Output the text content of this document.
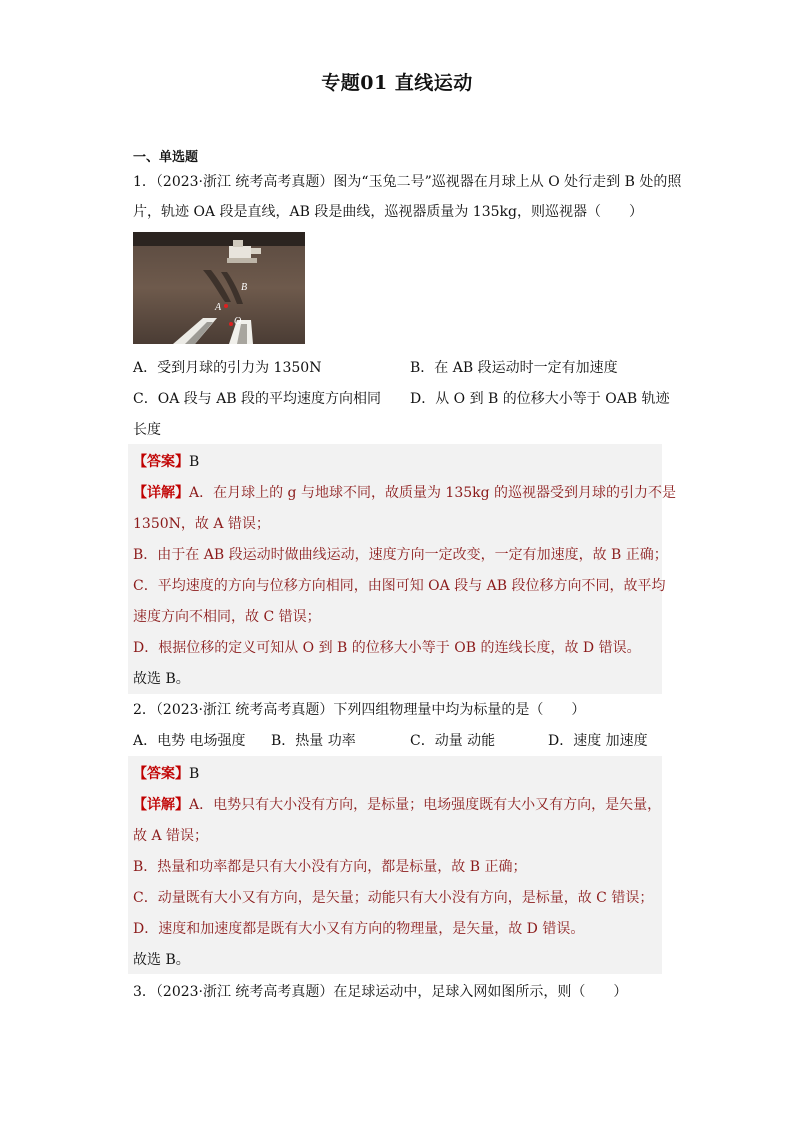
专题01 直线运动
一、单选题
1．（2023·浙江 统考高考真题）图为“玉兔二号”巡视器在月球上从 O 处行走到 B 处的照
片，轨迹 OA 段是直线，AB 段是曲线，巡视器质量为 135kg，则巡视器（　　）
A
O
B
A．受到月球的引力为 1350N	B．在 AB 段运动时一定有加速度
C．OA 段与 AB 段的平均速度方向相同 D．从 O 到 B 的位移大小等于 OAB 轨迹
长度
【答案】B
【详解】A．在月球上的 g 与地球不同，故质量为 135kg 的巡视器受到月球的引力不是
1350N，故 A 错误；
B．由于在 AB 段运动时做曲线运动，速度方向一定改变，一定有加速度，故 B 正确；
C．平均速度的方向与位移方向相同，由图可知 OA 段与 AB 段位移方向不同，故平均
速度方向不相同，故 C 错误；
D．根据位移的定义可知从 O 到 B 的位移大小等于 OB 的连线长度，故 D 错误。
故选 B。
2．（2023·浙江 统考高考真题）下列四组物理量中均为标量的是（　　）
A．电势 电场强度 B．热量 功率	C．动量 动能	D．速度 加速度
【答案】B
【详解】A．电势只有大小没有方向，是标量；电场强度既有大小又有方向，是矢量，
故 A 错误；
B．热量和功率都是只有大小没有方向，都是标量，故 B 正确；
C．动量既有大小又有方向，是矢量；动能只有大小没有方向，是标量，故 C 错误；
D．速度和加速度都是既有大小又有方向的物理量，是矢量，故 D 错误。
故选 B。
3．（2023·浙江 统考高考真题）在足球运动中，足球入网如图所示，则（　　）
